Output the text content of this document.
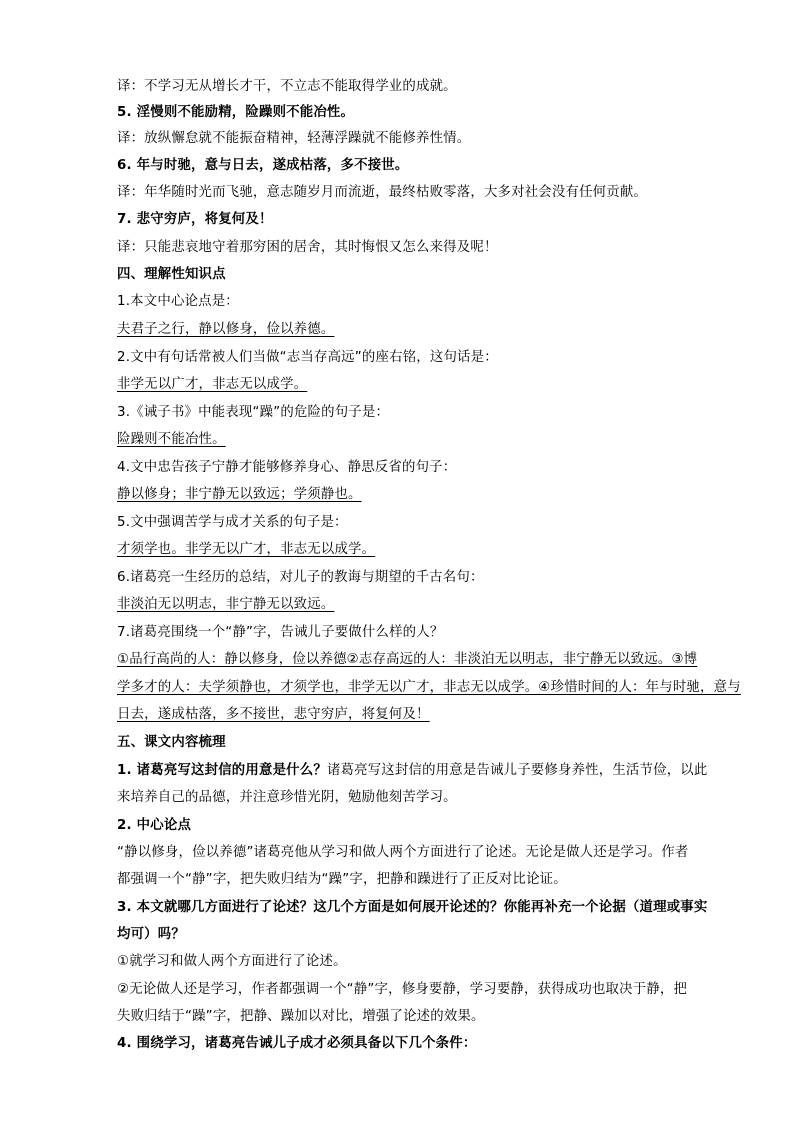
译：不学习无从增长才干，不立志不能取得学业的成就。
5. 淫慢则不能励精，险躁则不能冶性。
译：放纵懈怠就不能振奋精神，轻薄浮躁就不能修养性情。
6. 年与时驰，意与日去，遂成枯落，多不接世。
译：年华随时光而飞驰，意志随岁月而流逝，最终枯败零落，大多对社会没有任何贡献。
7. 悲守穷庐，将复何及！
译：只能悲哀地守着那穷困的居舍，其时悔恨又怎么来得及呢！
四、理解性知识点
1.本文中心论点是：
夫君子之行，静以修身，俭以养德。
2.文中有句话常被人们当做“志当存高远”的座右铭，这句话是：
非学无以广才，非志无以成学。
3.《诫子书》中能表现“躁”的危险的句子是：
险躁则不能冶性。
4.文中忠告孩子宁静才能够修养身心、静思反省的句子：
静以修身；非宁静无以致远；学须静也。
5.文中强调苦学与成才关系的句子是：
才须学也。非学无以广才，非志无以成学。
6.诸葛亮一生经历的总结，对儿子的教诲与期望的千古名句：
非淡泊无以明志，非宁静无以致远。
7.诸葛亮围绕一个“静”字，告诫儿子要做什么样的人？
①品行高尚的人：静以修身，俭以养德②志存高远的人：非淡泊无以明志，非宁静无以致远。③博
学多才的人：夫学须静也，才须学也，非学无以广才，非志无以成学。④珍惜时间的人：年与时驰，意与
日去，遂成枯落，多不接世，悲守穷庐，将复何及！
五、课文内容梳理
1. 诸葛亮写这封信的用意是什么？诸葛亮写这封信的用意是告诫儿子要修身养性，生活节俭，以此
来培养自己的品德，并注意珍惜光阴，勉励他刻苦学习。
2. 中心论点
“静以修身，俭以养德”诸葛亮他从学习和做人两个方面进行了论述。无论是做人还是学习。作者
都强调一个“静”字，把失败归结为“躁”字，把静和躁进行了正反对比论证。
3. 本文就哪几方面进行了论述？这几个方面是如何展开论述的？你能再补充一个论据（道理或事实
均可）吗？
①就学习和做人两个方面进行了论述。
②无论做人还是学习，作者都强调一个“静”字，修身要静，学习要静，获得成功也取决于静，把
失败归结于“躁”字，把静、躁加以对比，增强了论述的效果。
4. 围绕学习，诸葛亮告诫儿子成才必须具备以下几个条件：
